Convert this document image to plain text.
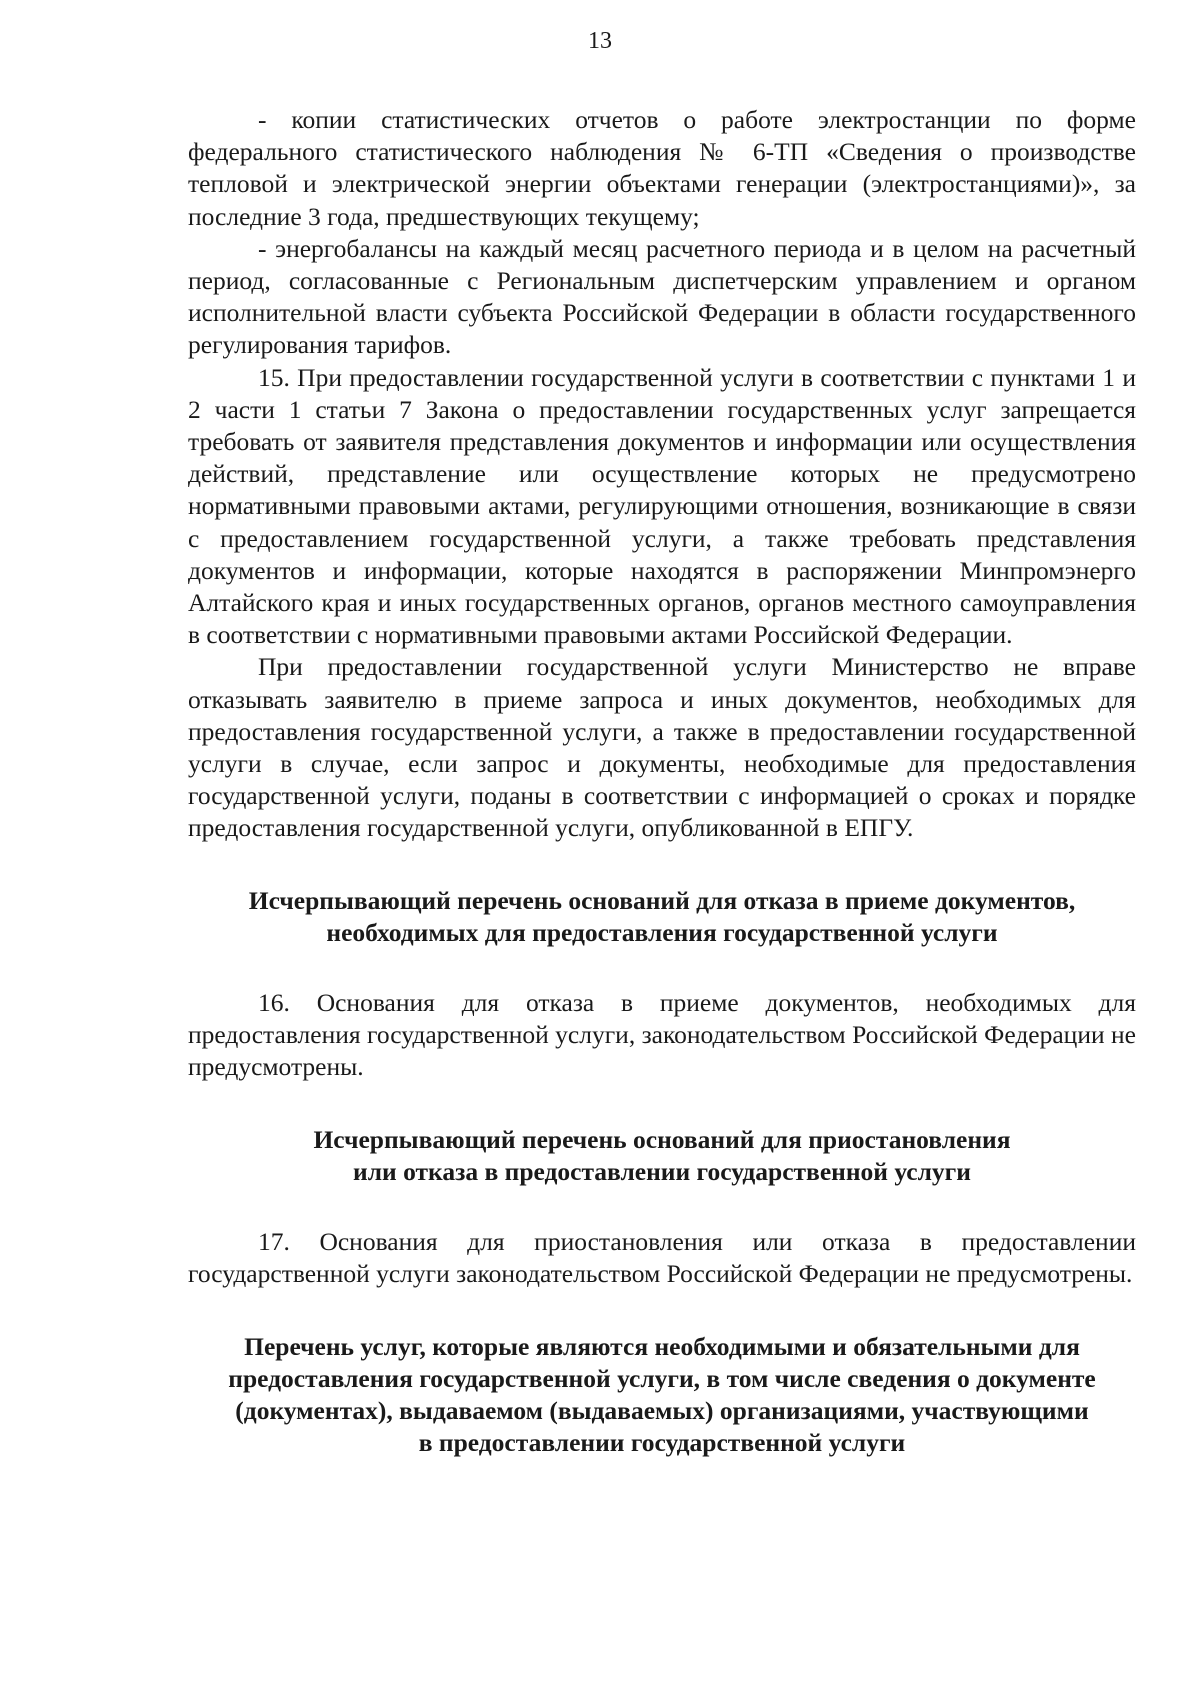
13

- копии статистических отчетов о работе электростанции по форме федерального статистического наблюдения № 6-ТП «Сведения о производстве тепловой и электрической энергии объектами генерации (электростанциями)», за последние 3 года, предшествующих текущему;

- энергобалансы на каждый месяц расчетного периода и в целом на расчетный период, согласованные с Региональным диспетчерским управлением и органом исполнительной власти субъекта Российской Федерации в области государственного регулирования тарифов.

15. При предоставлении государственной услуги в соответствии с пунктами 1 и 2 части 1 статьи 7 Закона о предоставлении государственных услуг запрещается требовать от заявителя представления документов и информации или осуществления действий, представление или осуществление которых не предусмотрено нормативными правовыми актами, регулирующими отношения, возникающие в связи с предоставлением государственной услуги, а также требовать представления документов и информации, которые находятся в распоряжении Минпромэнерго Алтайского края и иных государственных органов, органов местного самоуправления в соответствии с нормативными правовыми актами Российской Федерации.

При предоставлении государственной услуги Министерство не вправе отказывать заявителю в приеме запроса и иных документов, необходимых для предоставления государственной услуги, а также в предоставлении государственной услуги в случае, если запрос и документы, необходимые для предоставления государственной услуги, поданы в соответствии с информацией о сроках и порядке предоставления государственной услуги, опубликованной в ЕПГУ.

Исчерпывающий перечень оснований для отказа в приеме документов,
необходимых для предоставления государственной услуги

16. Основания для отказа в приеме документов, необходимых для предоставления государственной услуги, законодательством Российской Федерации не предусмотрены.

Исчерпывающий перечень оснований для приостановления
или отказа в предоставлении государственной услуги

17. Основания для приостановления или отказа в предоставлении государственной услуги законодательством Российской Федерации не предусмотрены.

Перечень услуг, которые являются необходимыми и обязательными для
предоставления государственной услуги, в том числе сведения о документе
(документах), выдаваемом (выдаваемых) организациями, участвующими
в предоставлении государственной услуги
